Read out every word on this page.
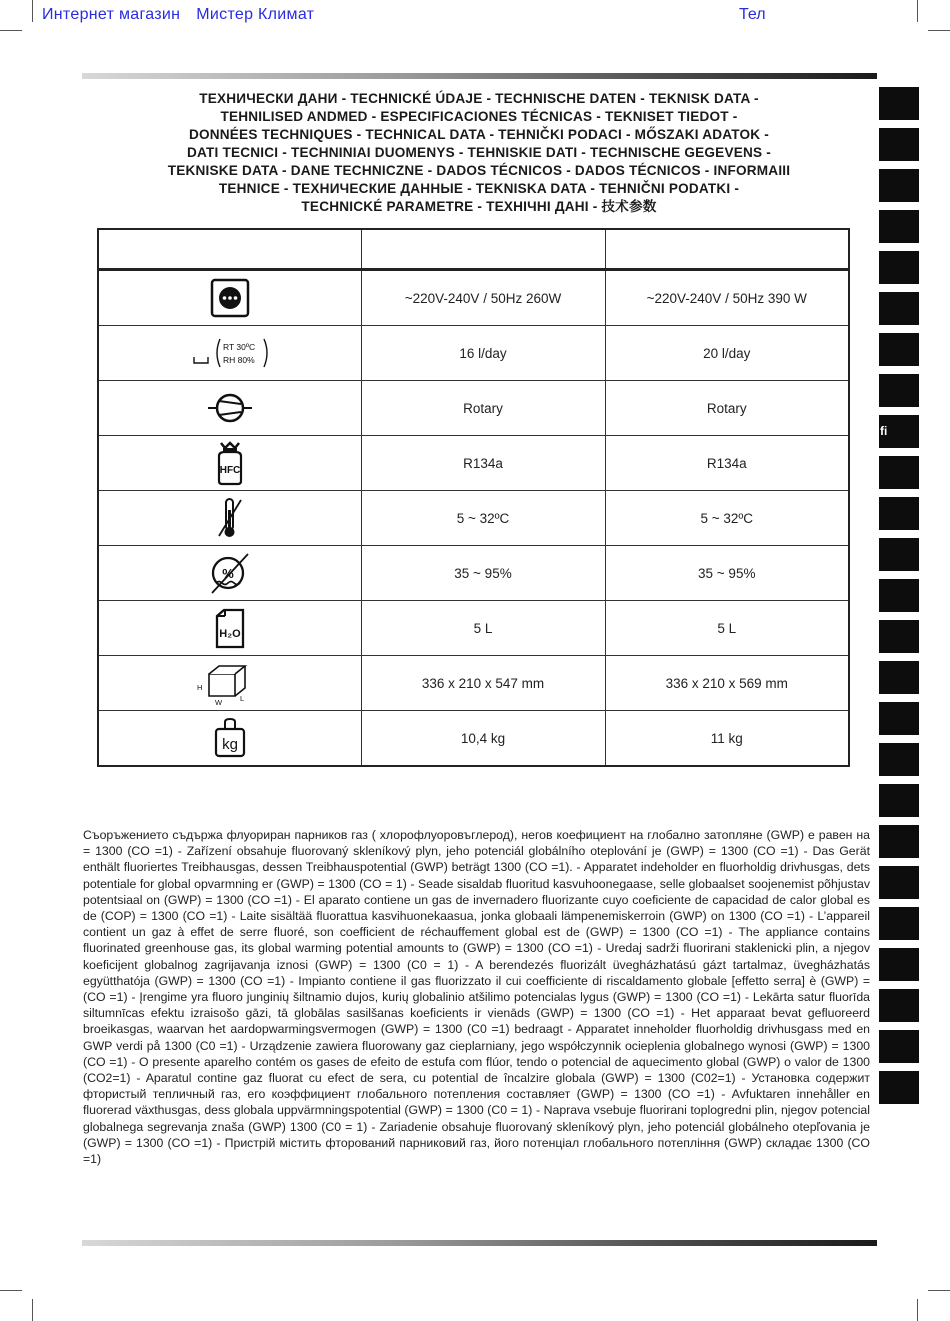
Интернет магазин Мистер Климат	Тел
ТЕХНИЧЕСКИ ДАНИ - TECHNICKÉ ÚDAJE - TECHNISCHE DATEN - TEKNISK DATA -
TEHNILISED ANDMED - ESPECIFICACIONES TÉCNICAS - TEKNISET TIEDOT -
DONNÉES TECHNIQUES - TECHNICAL DATA - TEHNIČKI PODACI - MŐSZAKI ADATOK -
DATI TECNICI - TECHNINIAI DUOMENYS - TEHNISKIE DATI - TECHNISCHE GEGEVENS -
TEKNISKE DATA - DANE TECHNICZNE - DADOS TÉCNICOS - DADOS TÉCNICOS - INFORMAIII
TEHNICE - ТЕХНИЧЕСКИЕ ДАННЫЕ - TEKNISKA DATA - TEHNIČNI PODATKI -
TECHNICKÉ PARAMETRE - ТЕХНІЧНІ ДАНІ - 技术参数
fi

	~220V-240V / 50Hz 260W	~220V-240V / 50Hz 390 W

RT 30ºC
RH 80%	16 l/day	20 l/day
	Rotary	Rotary

HFC	R134a	R134a
	5 ~ 32ºC	5 ~ 32ºC

%	35 ~ 95%	35 ~ 95%

H₂O	5 L	5 L

H
W L	336 x 210 x 547 mm	336 x 210 x 569 mm

kg	10,4 kg	11 kg
Съоръжението съдържа флуориран парников газ ( хлорофлуоровъглерод), негов коефициент на глобално затопляне (GWP) е равен на = 1300 (CO =1) - Zařízení obsahuje fluorovaný skleníkový plyn, jeho potenciál globálního oteplování je (GWP) = 1300 (CO =1) - Das Gerät enthält fluoriertes Treibhausgas, dessen Treibhauspotential (GWP) beträgt 1300 (CO =1). - Apparatet indeholder en fluorholdig drivhusgas, dets potentiale for global opvarmning er (GWP) = 1300 (CO = 1) - Seade sisaldab fluoritud kasvuhoonegaase, selle globaalset soojenemist põhjustav potentsiaal on (GWP) = 1300 (CO =1) - El aparato contiene un gas de invernadero fluorizante cuyo coeficiente de capacidad de calor global es de (COP) = 1300 (CO =1) - Laite sisältää fluorattua kasvihuonekaasua, jonka globaali lämpenemiskerroin (GWP) on 1300 (CO =1) - L’appareil contient un gaz à effet de serre fluoré, son coefficient de réchauffement global est de (GWP) = 1300 (CO =1) - The appliance contains fluorinated greenhouse gas, its global warming potential amounts to (GWP) = 1300 (CO =1) - Uredaj sadrži fluorirani staklenicki plin, a njegov koeficijent globalnog zagrijavanja iznosi (GWP) = 1300 (C0 = 1) - A berendezés fluorizált üvegházhatású gázt tartalmaz, üvegházhatás együtthatója (GWP) = 1300 (CO =1) - Impianto contiene il gas fluorizzato il cui coefficiente di riscaldamento globale [effetto serra] è (GWP) = (CO =1) - Įrengime yra fluoro junginių šiltnamio dujos, kurių globalinio atšilimo potencialas lygus (GWP) = 1300 (CO =1) - Lekārta satur fluorīda siltumnīcas efektu izraisošo gāzi, tā globālas sasilšanas koeficients ir vienāds (GWP) = 1300 (CO =1) - Het apparaat bevat gefluoreerd broeikasgas, waarvan het aardopwarmingsvermogen (GWP) = 1300 (C0 =1) bedraagt - Apparatet inneholder fluorholdig drivhusgass med en GWP verdi på 1300 (C0 =1) - Urządzenie zawiera fluorowany gaz cieplarniany, jego współczynnik ocieplenia globalnego wynosi (GWP) = 1300 (CO =1) - O presente aparelho contém os gases de efeito de estufa com flúor, tendo o potencial de aquecimento global (GWP) o valor de 1300 (CO2=1) - Aparatul contine gaz fluorat cu efect de sera, cu potential de încalzire globala (GWP) = 1300 (C02=1) - Установка содержит фтористый тепличный газ, его коэффициент глобального потепления составляет (GWP) = 1300 (CO =1) - Avfuktaren innehåller en fluorerad växthusgas, dess globala uppvärmningspotential (GWP) = 1300 (C0 = 1) - Naprava vsebuje fluorirani toplogredni plin, njegov potencial globalnega segrevanja znaša (GWP) 1300 (C0 = 1) - Zariadenie obsahuje fluorovaný skleníkový plyn, jeho potenciál globálneho otepľovania je (GWP) = 1300 (CO =1) - Пристрій містить фторований парниковий газ, його потенціал глобального потепління (GWP) складає 1300 (CO =1)
